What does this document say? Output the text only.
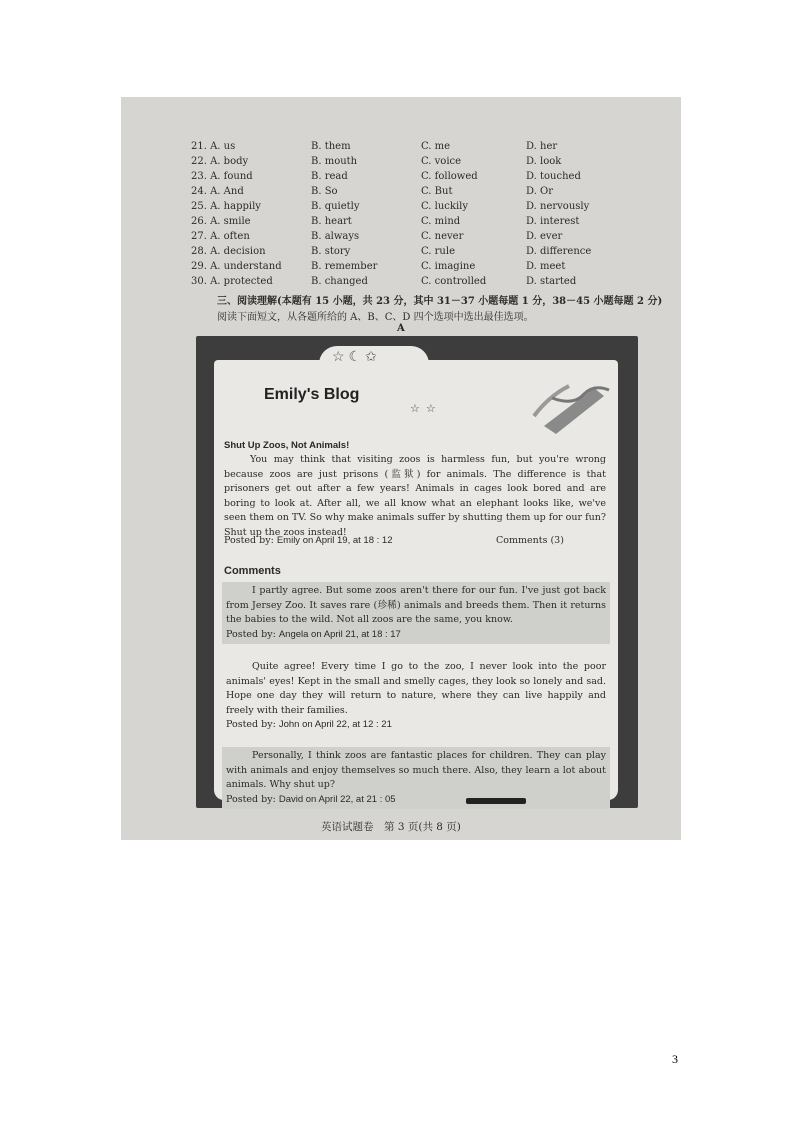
21. A. us	B. them	C. me	D. her
22. A. body	B. mouth	C. voice	D. look
23. A. found	B. read	C. followed	D. touched
24. A. And	B. So	C. But	D. Or
25. A. happily	B. quietly	C. luckily	D. nervously
26. A. smile	B. heart	C. mind	D. interest
27. A. often	B. always	C. never	D. ever
28. A. decision	B. story	C. rule	D. difference
29. A. understand	B. remember	C. imagine	D. meet
30. A. protected	B. changed	C. controlled	D. started
三、阅读理解(本题有 15 小题，共 23 分，其中 31－37 小题每题 1 分，38－45 小题每题 2 分)
阅读下面短文，从各题所给的 A、B、C、D 四个选项中选出最佳选项。
A
☆☾✩
Emily's Blog
☆☆
Shut Up Zoos, Not Animals!
You may think that visiting zoos is harmless fun, but you're wrong because zoos are just prisons (监狱) for animals. The difference is that prisoners get out after a few years! Animals in cages look bored and are boring to look at. After all, we all know what an elephant looks like, we've seen them on TV. So why make animals suffer by shutting them up for our fun? Shut up the zoos instead!
Posted by: Emily on April 19, at 18 : 12	Comments (3)
Comments
I partly agree. But some zoos aren't there for our fun. I've just got back from Jersey Zoo. It saves rare (珍稀) animals and breeds them. Then it returns the babies to the wild. Not all zoos are the same, you know.
Posted by: Angela on April 21, at 18 : 17
Quite agree! Every time I go to the zoo, I never look into the poor animals' eyes! Kept in the small and smelly cages, they look so lonely and sad. Hope one day they will return to nature, where they can live happily and freely with their families.
Posted by: John on April 22, at 12 : 21
Personally, I think zoos are fantastic places for children. They can play with animals and enjoy themselves so much there. Also, they learn a lot about animals. Why shut up?
Posted by: David on April 22, at 21 : 05
英语试题卷　第 3 页(共 8 页)
3
